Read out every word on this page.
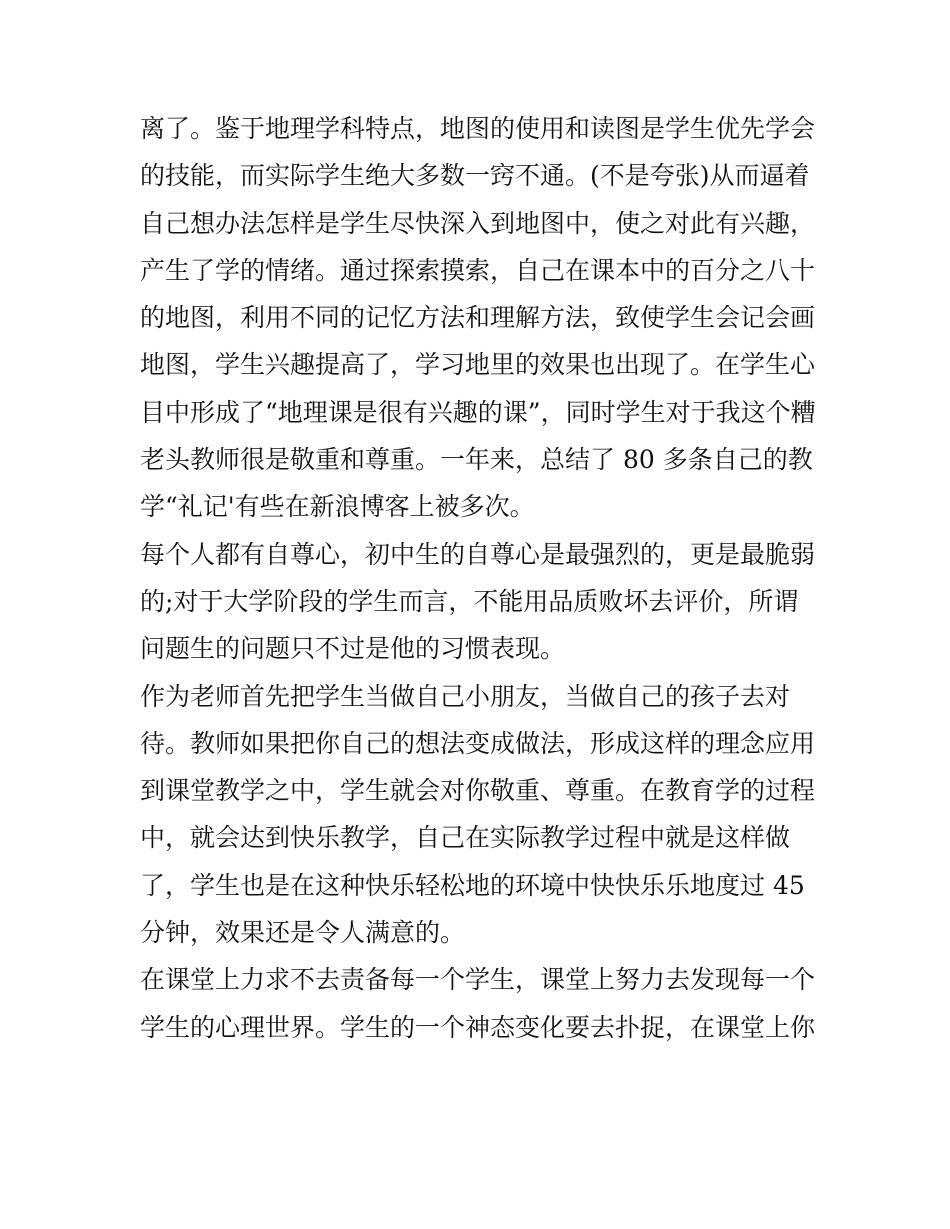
离了。鉴于地理学科特点，地图的使用和读图是学生优先学会
的技能，而实际学生绝大多数一窍不通。(不是夸张)从而逼着
自己想办法怎样是学生尽快深入到地图中，使之对此有兴趣，
产生了学的情绪。通过探索摸索，自己在课本中的百分之八十
的地图，利用不同的记忆方法和理解方法，致使学生会记会画
地图，学生兴趣提高了，学习地里的效果也出现了。在学生心
目中形成了“地理课是很有兴趣的课”，同时学生对于我这个糟
老头教师很是敬重和尊重。一年来，总结了 80 多条自己的教
学“礼记'有些在新浪博客上被多次。

每个人都有自尊心，初中生的自尊心是最强烈的，更是最脆弱
的;对于大学阶段的学生而言，不能用品质败坏去评价，所谓
问题生的问题只不过是他的习惯表现。

作为老师首先把学生当做自己小朋友，当做自己的孩子去对
待。教师如果把你自己的想法变成做法，形成这样的理念应用
到课堂教学之中，学生就会对你敬重、尊重。在教育学的过程
中，就会达到快乐教学，自己在实际教学过程中就是这样做
了，学生也是在这种快乐轻松地的环境中快快乐乐地度过 45
分钟，效果还是令人满意的。

在课堂上力求不去责备每一个学生，课堂上努力去发现每一个
学生的心理世界。学生的一个神态变化要去扑捉，在课堂上你
